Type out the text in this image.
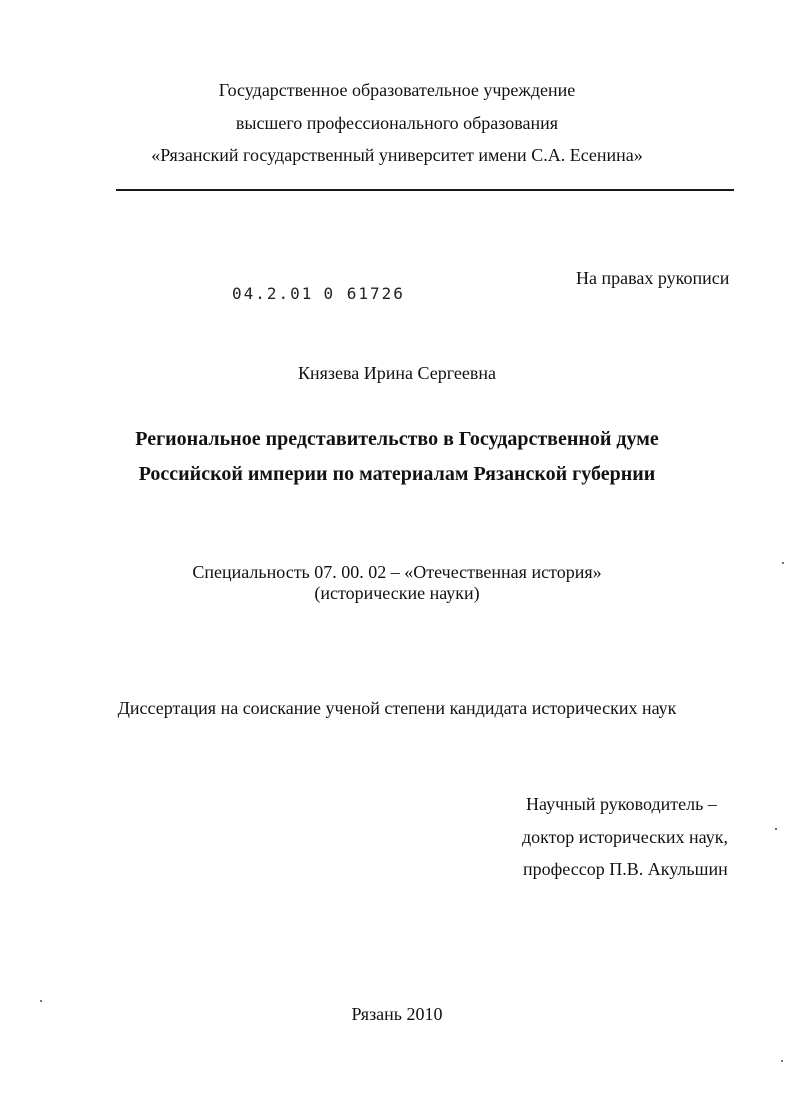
Государственное образовательное учреждение
высшего профессионального образования
«Рязанский государственный университет имени С.А. Есенина»
04.2.01 0 61726
На правах рукописи
Князева Ирина Сергеевна
Региональное представительство в Государственной думе
Российской империи по материалам Рязанской губернии
Специальность 07. 00. 02 – «Отечественная история»
(исторические науки)
Диссертация на соискание ученой степени кандидата исторических наук
Научный руководитель –
доктор исторических наук,
профессор П.В. Акульшин
Рязань 2010
